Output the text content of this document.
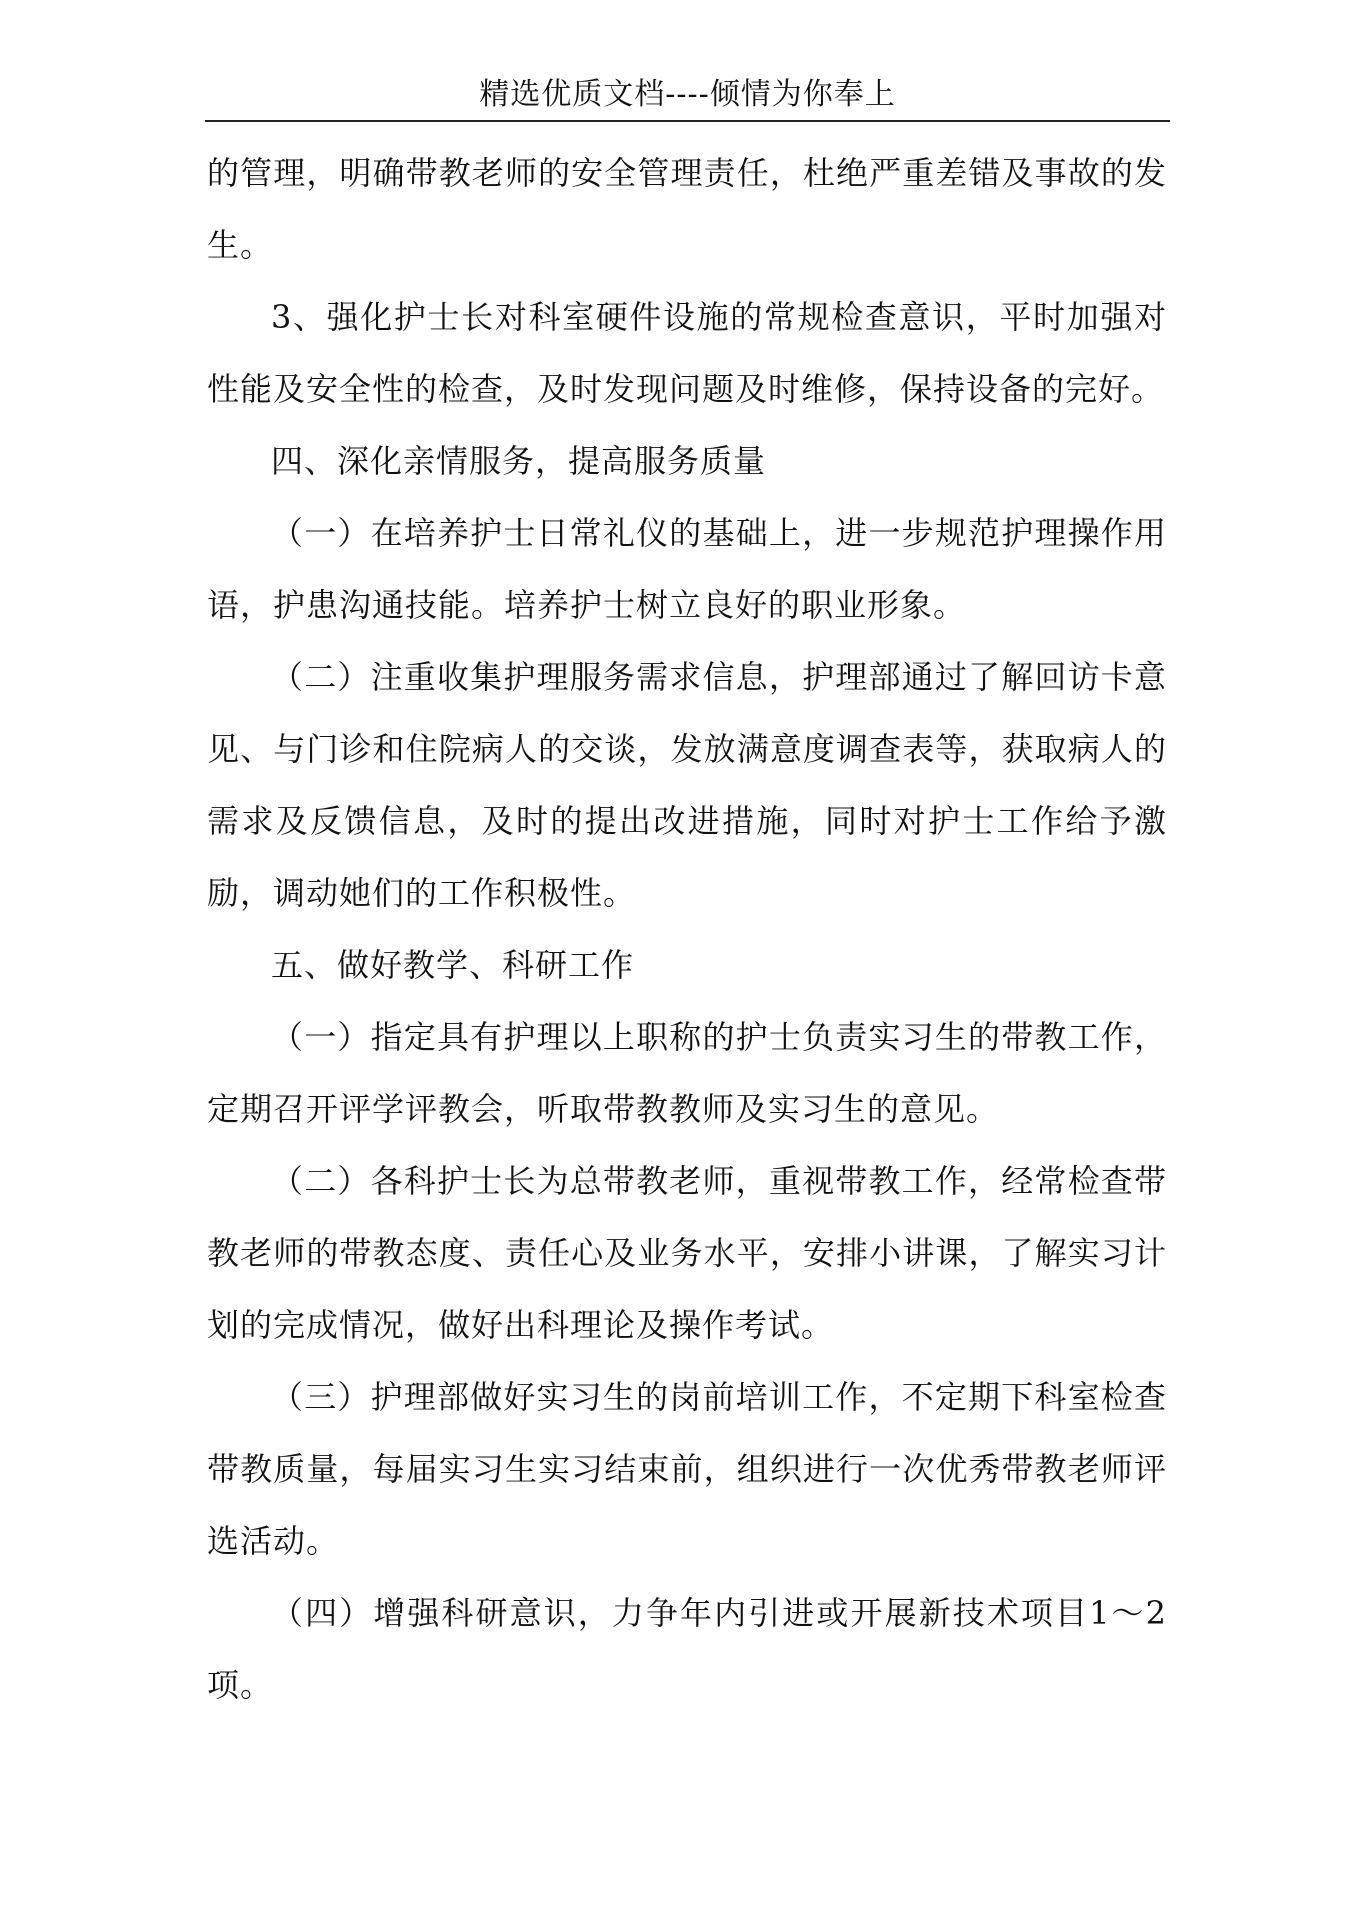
精选优质文档----倾情为你奉上

的管理，明确带教老师的安全管理责任，杜绝严重差错及事故的发生。

3、强化护士长对科室硬件设施的常规检查意识，平时加强对性能及安全性的检查，及时发现问题及时维修，保持设备的完好。

四、深化亲情服务，提高服务质量

（一）在培养护士日常礼仪的基础上，进一步规范护理操作用语，护患沟通技能。培养护士树立良好的职业形象。

（二）注重收集护理服务需求信息，护理部通过了解回访卡意见、与门诊和住院病人的交谈，发放满意度调查表等，获取病人的需求及反馈信息，及时的提出改进措施，同时对护士工作给予激励，调动她们的工作积极性。

五、做好教学、科研工作

（一）指定具有护理以上职称的护士负责实习生的带教工作，定期召开评学评教会，听取带教教师及实习生的意见。

（二）各科护士长为总带教老师，重视带教工作，经常检查带教老师的带教态度、责任心及业务水平，安排小讲课，了解实习计划的完成情况，做好出科理论及操作考试。

（三）护理部做好实习生的岗前培训工作，不定期下科室检查带教质量，每届实习生实习结束前，组织进行一次优秀带教老师评选活动。

（四）增强科研意识，力争年内引进或开展新技术项目1～2项。
